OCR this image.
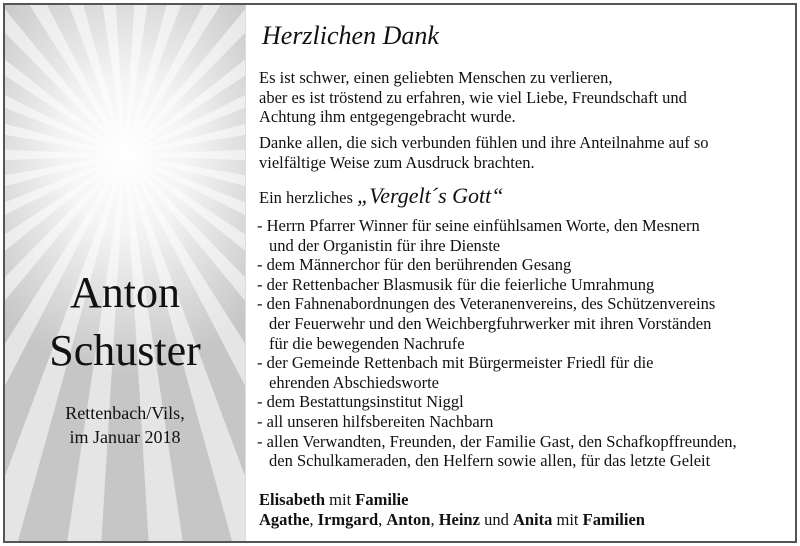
Anton
Schuster
Rettenbach/Vils,
im Januar 2018
Herzlichen Dank
Es ist schwer, einen geliebten Menschen zu verlieren,
aber es ist tröstend zu erfahren, wie viel Liebe, Freundschaft und
Achtung ihm entgegengebracht wurde.
Danke allen, die sich verbunden fühlen und ihre Anteilnahme auf so
vielfältige Weise zum Ausdruck brachten.
Ein herzliches „Vergelt´s Gott“
- Herrn Pfarrer Winner für seine einfühlsamen Worte, den Mesnern
und der Organistin für ihre Dienste
- dem Männerchor für den berührenden Gesang
- der Rettenbacher Blasmusik für die feierliche Umrahmung
- den Fahnenabordnungen des Veteranenvereins, des Schützenvereins
der Feuerwehr und den Weichbergfuhrwerker mit ihren Vorständen
für die bewegenden Nachrufe
- der Gemeinde Rettenbach mit Bürgermeister Friedl für die
ehrenden Abschiedsworte
- dem Bestattungsinstitut Niggl
- all unseren hilfsbereiten Nachbarn
- allen Verwandten, Freunden, der Familie Gast, den Schafkopffreunden,
den Schulkameraden, den Helfern sowie allen, für das letzte Geleit
Elisabeth mit Familie
Agathe, Irmgard, Anton, Heinz und Anita mit Familien
